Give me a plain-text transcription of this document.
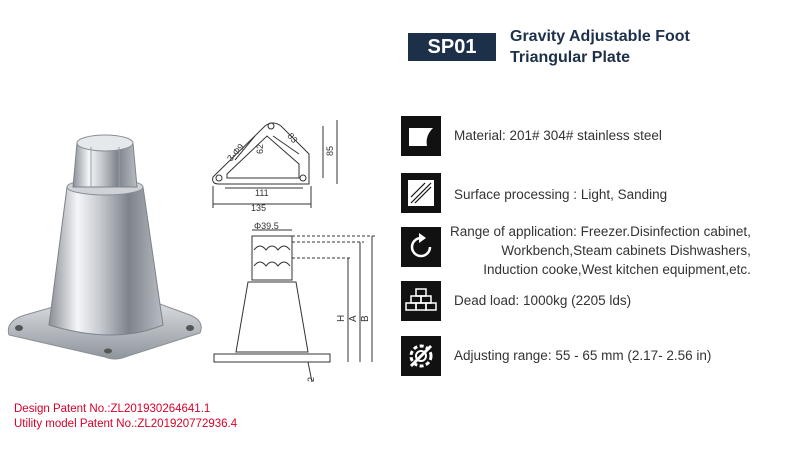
3-Φ9 62
83
85
111
135
Φ39.5
H A B
2
SP01	Gravity Adjustable Foot
Triangular Plate
Material: 201# 304# stainless steel
Surface processing : Light, Sanding
Range of application: Freezer.Disinfection cabinet,
Workbench,Steam cabinets Dishwashers,
Induction cooke,West kitchen equipment,etc.
Dead load: 1000kg (2205 lds)
Adjusting range: 55 - 65 mm (2.17- 2.56 in)
Design Patent No.:ZL201930264641.1
Utility model Patent No.:ZL201920772936.4
